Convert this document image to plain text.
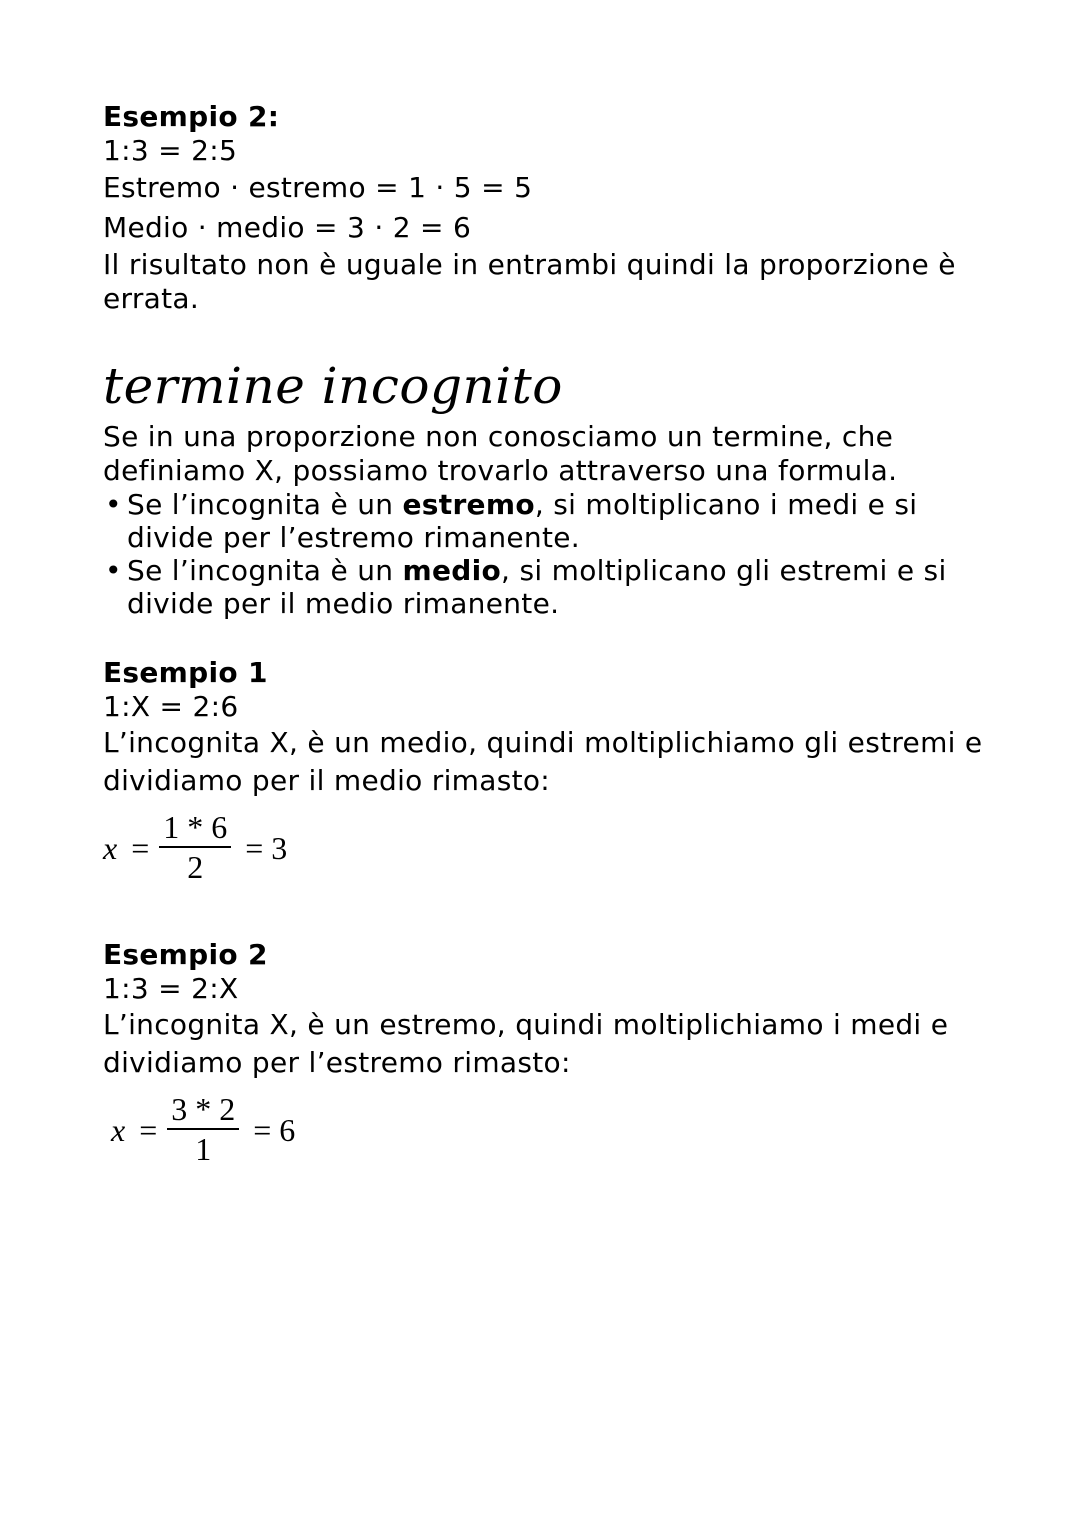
Esempio 2:
1:3 = 2:5
Estremo · estremo = 1 · 5 = 5
Medio · medio = 3 · 2 = 6
Il risultato non è uguale in entrambi quindi la proporzione è
errata.
termine incognito
Se in una proporzione non conosciamo un termine, che
definiamo X, possiamo trovarlo attraverso una formula.
• Se l’incognita è un estremo, si moltiplicano i medi e si
divide per l’estremo rimanente.
• Se l’incognita è un medio, si moltiplicano gli estremi e si
divide per il medio rimanente.
Esempio 1
1:X = 2:6
L’incognita X, è un medio, quindi moltiplichiamo gli estremi e
dividiamo per il medio rimasto:
$x = \frac{1 * 6}{2} = 3$
Esempio 2
1:3 = 2:X
L’incognita X, è un estremo, quindi moltiplichiamo i medi e
dividiamo per l’estremo rimasto:
$x = \frac{3 * 2}{1} = 6$
